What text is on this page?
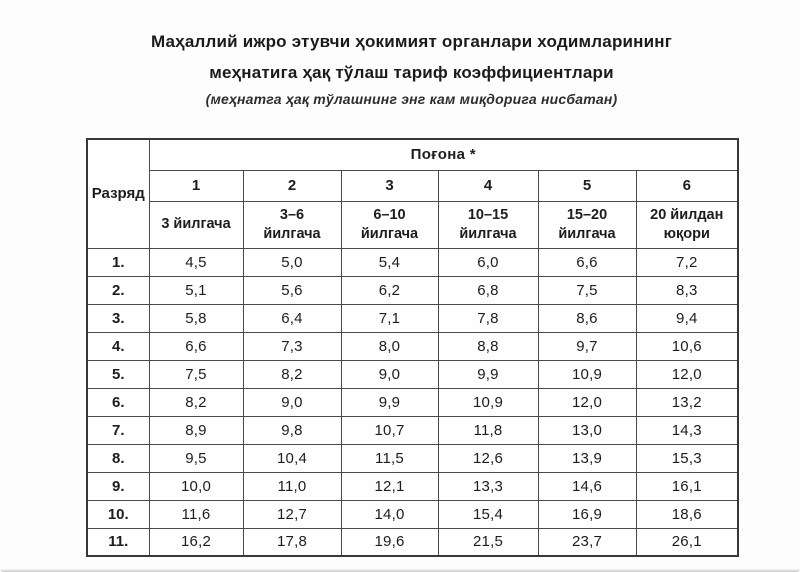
Маҳаллий ижро этувчи ҳокимият органлари ходимларининг
меҳнатига ҳақ тўлаш тариф коэффициентлари
(меҳнатга ҳақ тўлашнинг энг кам миқдорига нисбатан)
Разряд	Поғона *					
	1	2	3	4	5	6
	3 йилгача	3–6 йилгача	6–10 йилгача	10–15 йилгача	15–20 йилгача	20 йилдан юқори
1.	4,5	5,0	5,4	6,0	6,6	7,2
2.	5,1	5,6	6,2	6,8	7,5	8,3
3.	5,8	6,4	7,1	7,8	8,6	9,4
4.	6,6	7,3	8,0	8,8	9,7	10,6
5.	7,5	8,2	9,0	9,9	10,9	12,0
6.	8,2	9,0	9,9	10,9	12,0	13,2
7.	8,9	9,8	10,7	11,8	13,0	14,3
8.	9,5	10,4	11,5	12,6	13,9	15,3
9.	10,0	11,0	12,1	13,3	14,6	16,1
10.	11,6	12,7	14,0	15,4	16,9	18,6
11.	16,2	17,8	19,6	21,5	23,7	26,1
